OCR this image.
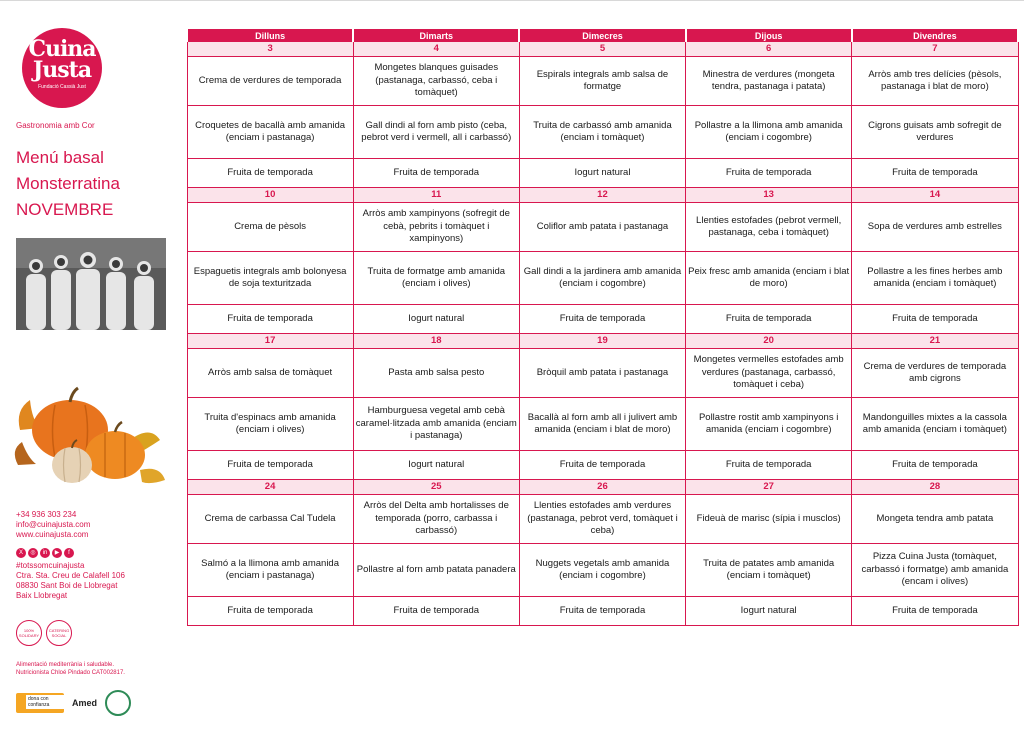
Cuina
Justa
Fundació Cassià Just
Gastronomia amb Cor
Menú basal
Monsterratina
NOVEMBRE
+34 936 303 234
info@cuinajusta.com
www.cuinajusta.com
X	◎	in	▶	f
#totssomcuinajusta
Ctra. Sta. Creu de Calafell 106
08830 Sant Boi de Llobregat
Baix Llobregat
100% SOLIDARY
CATERING SOCIAL
Alimentació mediterrània i saludable.
Nutricionista Chloé Pindado CAT002817.
dona con confianza	Amed
Dilluns	Dimarts	Dimecres	Dijous	Divendres
3	4	5	6	7
Crema de verdures de temporada	Mongetes blanques guisades (pastanaga, carbassó, ceba i tomàquet)	Espirals integrals amb salsa de formatge	Minestra de verdures (mongeta tendra, pastanaga i patata)	Arròs amb tres delícies (pèsols, pastanaga i blat de moro)
Croquetes de bacallà amb amanida (enciam i pastanaga)	Gall dindi al forn amb pisto (ceba, pebrot verd i vermell, all i carbassó)	Truita de carbassó amb amanida (enciam i tomàquet)	Pollastre a la llimona amb amanida (enciam i cogombre)	Cigrons guisats amb sofregit de verdures
Fruita de temporada	Fruita de temporada	Iogurt natural	Fruita de temporada	Fruita de temporada
10	11	12	13	14
Crema de pèsols	Arròs amb xampinyons (sofregit de cebà, pebrits i tomàquet i xampinyons)	Coliflor amb patata i pastanaga	Llenties estofades (pebrot vermell, pastanaga, ceba i tomàquet)	Sopa de verdures amb estrelles
Espaguetis integrals amb bolonyesa de soja texturitzada	Truita de formatge amb amanida (enciam i olives)	Gall dindi a la jardinera amb amanida (enciam i cogombre)	Peix fresc amb amanida (enciam i blat de moro)	Pollastre a les fines herbes amb amanida (enciam i tomàquet)
Fruita de temporada	Iogurt natural	Fruita de temporada	Fruita de temporada	Fruita de temporada
17	18	19	20	21
Arròs amb salsa de tomàquet	Pasta amb salsa pesto	Bròquil amb patata i pastanaga	Mongetes vermelles estofades amb verdures (pastanaga, carbassó, tomàquet i ceba)	Crema de verdures de temporada amb cigrons
Truita d'espinacs amb amanida (enciam i olives)	Hamburguesa vegetal amb cebà caramel·litzada amb amanida (enciam i pastanaga)	Bacallà al forn amb all i julivert amb amanida (enciam i blat de moro)	Pollastre rostit amb xampinyons i amanida (enciam i cogombre)	Mandonguilles mixtes a la cassola amb amanida (enciam i tomàquet)
Fruita de temporada	Iogurt natural	Fruita de temporada	Fruita de temporada	Fruita de temporada
24	25	26	27	28
Crema de carbassa Cal Tudela	Arròs del Delta amb hortalisses de temporada (porro, carbassa i carbassó)	Llenties estofades amb verdures (pastanaga, pebrot verd, tomàquet i ceba)	Fideuà de marisc (sípia i musclos)	Mongeta tendra amb patata
Salmó a la llimona amb amanida (enciam i pastanaga)	Pollastre al forn amb patata panadera	Nuggets vegetals amb amanida (enciam i cogombre)	Truita de patates amb amanida (enciam i tomàquet)	Pizza Cuina Justa (tomàquet, carbassó i formatge) amb amanida (encam i olives)
Fruita de temporada	Fruita de temporada	Fruita de temporada	Iogurt natural	Fruita de temporada
